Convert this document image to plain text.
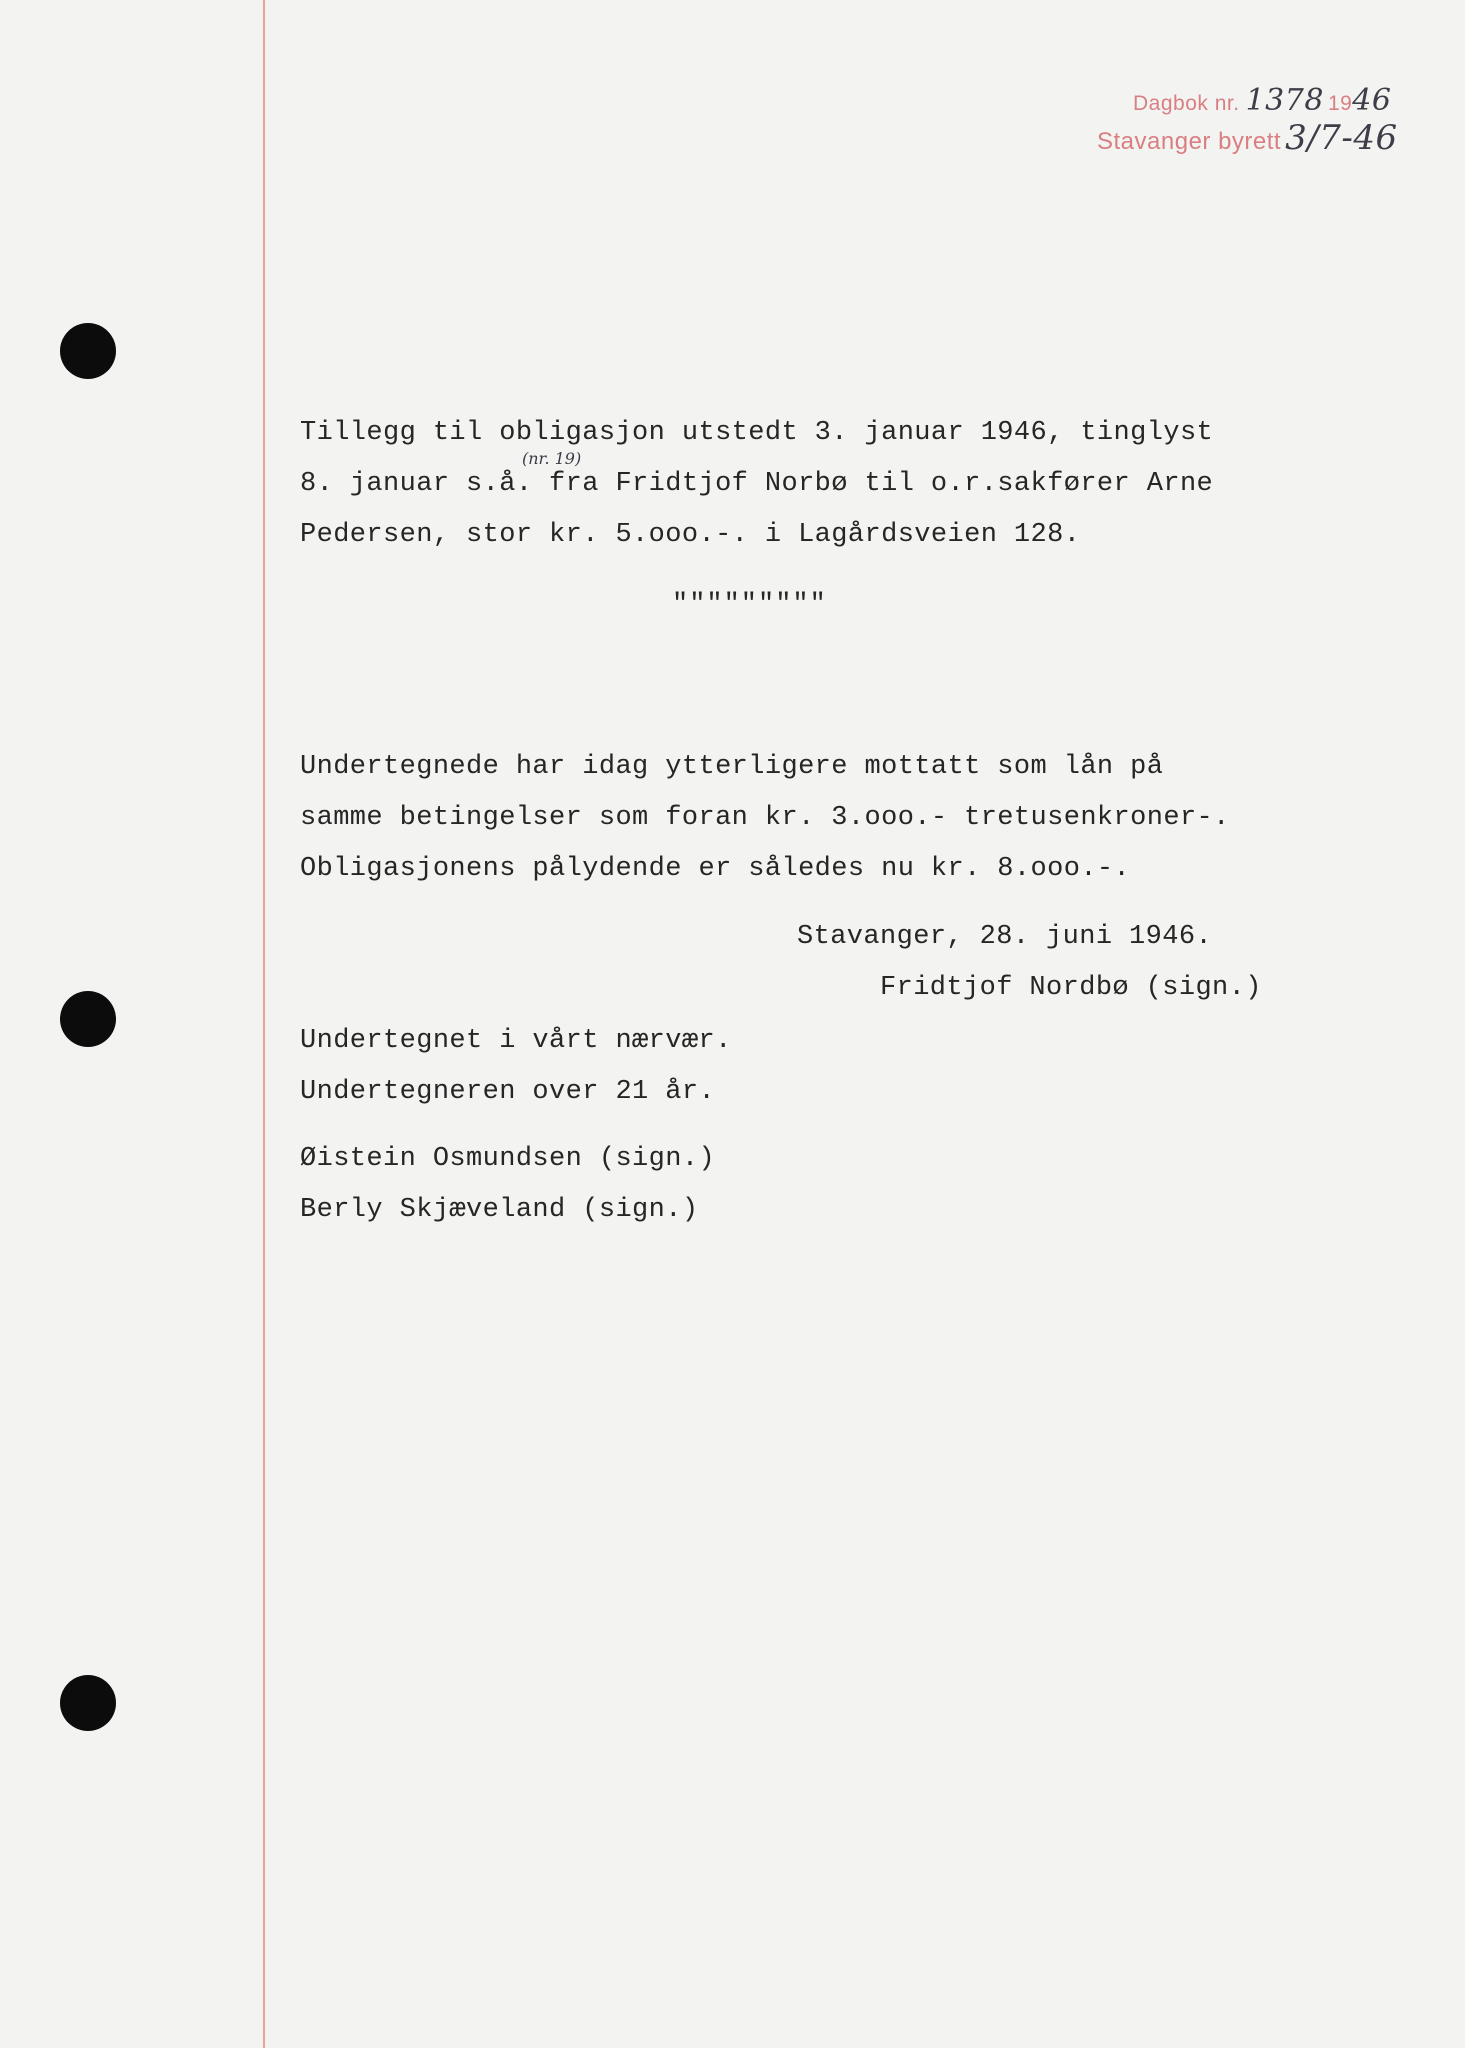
Dagbok nr. 1378 1946
Stavanger byrett 3/7-46
Tillegg til obligasjon utstedt 3. januar 1946, tinglyst
(nr. 19)
8. januar s.å. fra Fridtjof Norbø til o.r.sakfører Arne
Pedersen, stor kr. 5.ooo.-. i Lagårdsveien 128.
"""""""""
Undertegnede har idag ytterligere mottatt som lån på
samme betingelser som foran kr. 3.ooo.- tretusenkroner-.
Obligasjonens pålydende er således nu kr. 8.ooo.-.
Stavanger, 28. juni 1946.
Fridtjof Nordbø (sign.)
Undertegnet i vårt nærvær.
Undertegneren over 21 år.
Øistein Osmundsen (sign.)
Berly Skjæveland (sign.)
